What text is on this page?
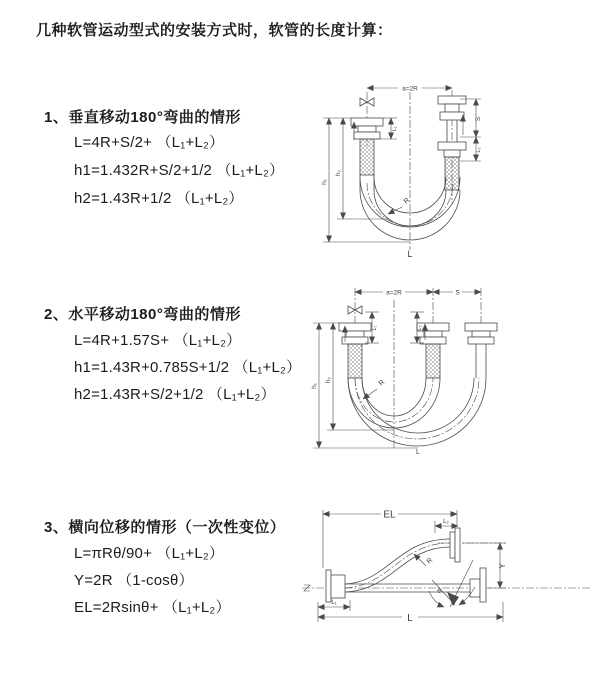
几种软管运动型式的安装方式时，软管的长度计算：
1、垂直移动180°弯曲的情形
L=4R+S/2+ （L₁+L₂）
h1=1.432R+S/2+1/2 （L₁+L₂）
h2=1.43R+1/2 （L₁+L₂）
2、水平移动180°弯曲的情形
L=4R+1.57S+ （L₁+L₂）
h1=1.43R+0.785S+1/2 （L₁+L₂）
h2=1.43R+S/2+1/2 （L₁+L₂）
3、横向位移的情形（一次性变位）
L=πRθ/90+ （L₁+L₂）
Y=2R （1-cosθ）
EL=2Rsinθ+ （L₁+L₂）
a=2R
h₁
h₂
L₁
S
L₂
R
L
a=2R	S
h₁
h₂
L₁	L₂
R
L
EL
L₂
Y
R
θ
L₁
L
